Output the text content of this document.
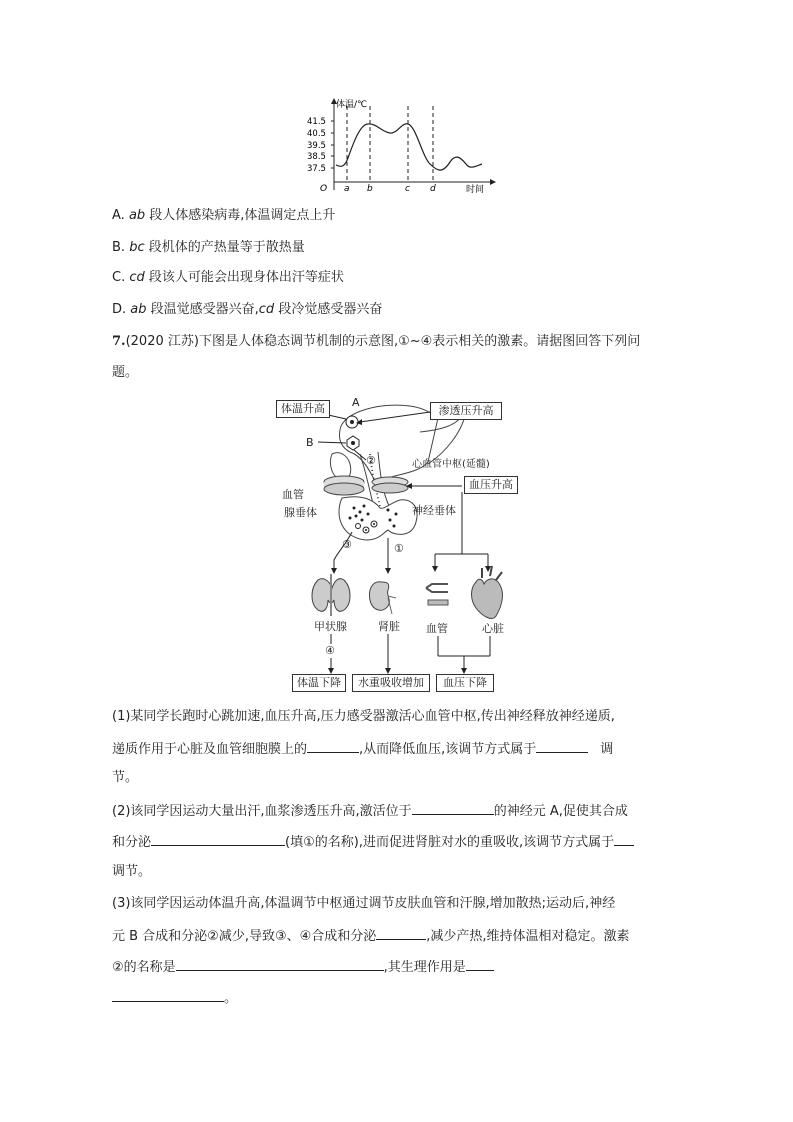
体温/℃
41.5
40.5
39.5
38.5
37.5
O a b	c d	时间
A. ab 段人体感染病毒,体温调定点上升
B. bc 段机体的产热量等于散热量
C. cd 段该人可能会出现身体出汗等症状
D. ab 段温觉感受器兴奋,cd 段冷觉感受器兴奋
7.(2020 江苏)下图是人体稳态调节机制的示意图,①~④表示相关的激素。请据图回答下列问
题。
体温升高	渗透压升高
A
B
②	心血管中枢(延髓)
血管
血压升高
腺垂体	神经垂体
③	①
甲状腺	肾脏 血管	心脏
④
体温下降	水重吸收增加	血压下降
(1)某同学长跑时心跳加速,血压升高,压力感受器激活心血管中枢,传出神经释放神经递质,
递质作用于心脏及血管细胞膜上的	,从而降低血压,该调节方式属于	调
节。
(2)该同学因运动大量出汗,血浆渗透压升高,激活位于	的神经元 A,促使其合成
和分泌	(填①的名称),进而促进肾脏对水的重吸收,该调节方式属于
调节。
(3)该同学因运动体温升高,体温调节中枢通过调节皮肤血管和汗腺,增加散热;运动后,神经
元 B 合成和分泌②减少,导致③、④合成和分泌	,减少产热,维持体温相对稳定。激素
②的名称是	,其生理作用是
。
